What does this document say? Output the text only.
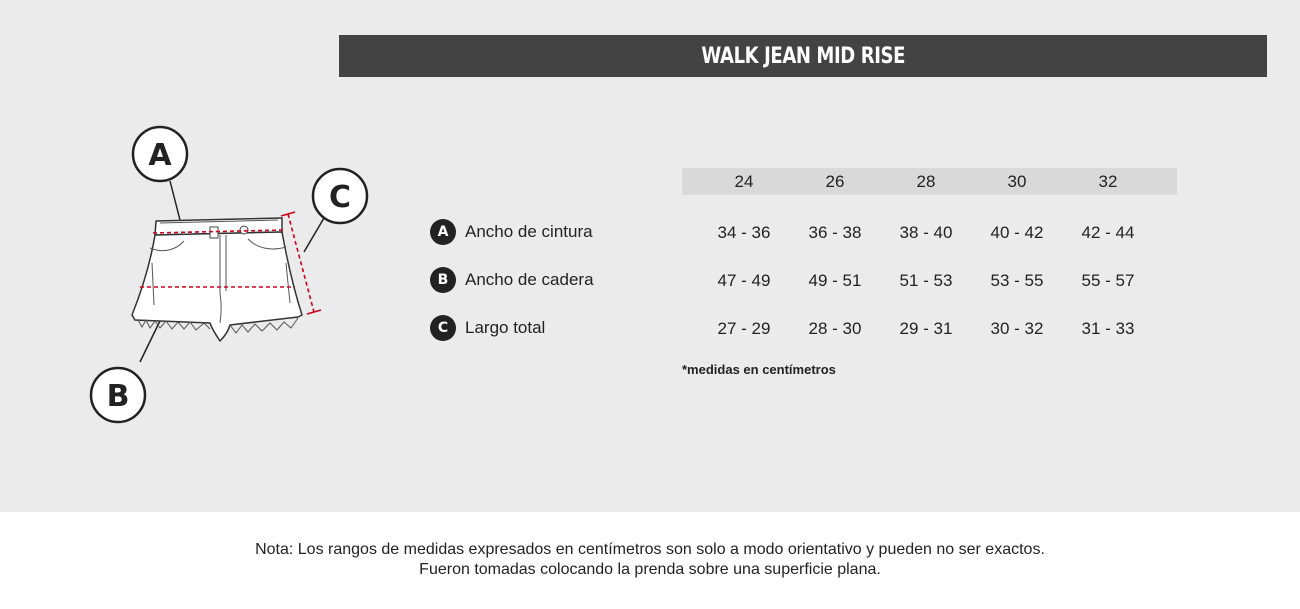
WALK JEAN MID RISE
A
C
B
24	26	28	30	32
A Ancho de cintura	34 - 36	36 - 38	38 - 40	40 - 42	42 - 44
B Ancho de cadera	47 - 49	49 - 51	51 - 53	53 - 55	55 - 57
C Largo total	27 - 29	28 - 30	29 - 31	30 - 32	31 - 33
*medidas en centímetros
Nota: Los rangos de medidas expresados en centímetros son solo a modo orientativo y pueden no ser exactos.
Fueron tomadas colocando la prenda sobre una superficie plana.
